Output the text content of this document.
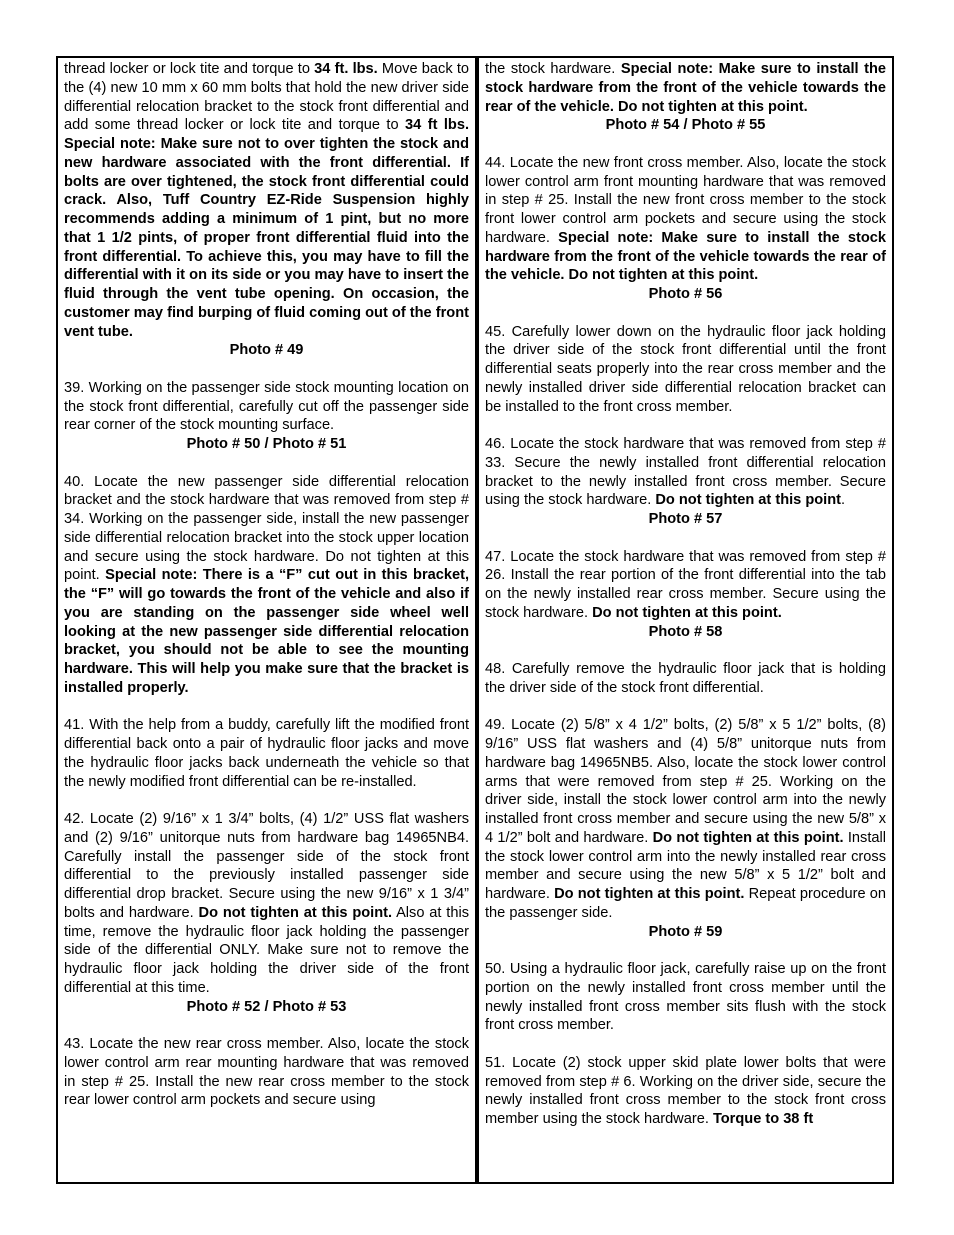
thread locker or lock tite and torque to 34 ft. lbs. Move back to the (4) new 10 mm x 60 mm bolts that hold the new driver side differential relocation bracket to the stock front differential and add some thread locker or lock tite and torque to 34 ft lbs. Special note: Make sure not to over tighten the stock and new hardware associated with the front differential. If bolts are over tightened, the stock front differential could crack. Also, Tuff Country EZ-Ride Suspension highly recommends adding a minimum of 1 pint, but no more that 1 1/2 pints, of proper front differential fluid into the front differential. To achieve this, you may have to fill the differential with it on its side or you may have to insert the fluid through the vent tube opening. On occasion, the customer may find burping of fluid coming out of the front vent tube.

Photo # 49

39. Working on the passenger side stock mounting location on the stock front differential, carefully cut off the passenger side rear corner of the stock mounting surface.

Photo # 50 / Photo # 51

40. Locate the new passenger side differential relocation bracket and the stock hardware that was removed from step # 34. Working on the passenger side, install the new passenger side differential relocation bracket into the stock upper location and secure using the stock hardware. Do not tighten at this point. Special note: There is a “F” cut out in this bracket, the “F” will go towards the front of the vehicle and also if you are standing on the passenger side wheel well looking at the new passenger side differential relocation bracket, you should not be able to see the mounting hardware. This will help you make sure that the bracket is installed properly.

41. With the help from a buddy, carefully lift the modified front differential back onto a pair of hydraulic floor jacks and move the hydraulic floor jacks back underneath the vehicle so that the newly modified front differential can be re-installed.

42. Locate (2) 9/16” x 1 3/4” bolts, (4) 1/2” USS flat washers and (2) 9/16” unitorque nuts from hardware bag 14965NB4. Carefully install the passenger side of the stock front differential to the previously installed passenger side differential drop bracket. Secure using the new 9/16” x 1 3/4” bolts and hardware. Do not tighten at this point. Also at this time, remove the hydraulic floor jack holding the passenger side of the differential ONLY. Make sure not to remove the hydraulic floor jack holding the driver side of the front differential at this time.

Photo # 52 / Photo # 53

43. Locate the new rear cross member. Also, locate the stock lower control arm rear mounting hardware that was removed in step # 25. Install the new rear cross member to the stock rear lower control arm pockets and secure using

the stock hardware. Special note: Make sure to install the stock hardware from the front of the vehicle towards the rear of the vehicle. Do not tighten at this point.

Photo # 54 / Photo # 55

44. Locate the new front cross member. Also, locate the stock lower control arm front mounting hardware that was removed in step # 25. Install the new front cross member to the stock front lower control arm pockets and secure using the stock hardware. Special note: Make sure to install the stock hardware from the front of the vehicle towards the rear of the vehicle. Do not tighten at this point.

Photo # 56

45. Carefully lower down on the hydraulic floor jack holding the driver side of the stock front differential until the front differential seats properly into the rear cross member and the newly installed driver side differential relocation bracket can be installed to the front cross member.

46. Locate the stock hardware that was removed from step # 33. Secure the newly installed front differential relocation bracket to the newly installed front cross member. Secure using the stock hardware. Do not tighten at this point.

Photo # 57

47. Locate the stock hardware that was removed from step # 26. Install the rear portion of the front differential into the tab on the newly installed rear cross member. Secure using the stock hardware. Do not tighten at this point.

Photo # 58

48. Carefully remove the hydraulic floor jack that is holding the driver side of the stock front differential.

49. Locate (2) 5/8” x 4 1/2” bolts, (2) 5/8” x 5 1/2” bolts, (8) 9/16” USS flat washers and (4) 5/8” unitorque nuts from hardware bag 14965NB5. Also, locate the stock lower control arms that were removed from step # 25. Working on the driver side, install the stock lower control arm into the newly installed front cross member and secure using the new 5/8” x 4 1/2” bolt and hardware. Do not tighten at this point. Install the stock lower control arm into the newly installed rear cross member and secure using the new 5/8” x 5 1/2” bolt and hardware. Do not tighten at this point. Repeat procedure on the passenger side.

Photo # 59

50. Using a hydraulic floor jack, carefully raise up on the front portion on the newly installed front cross member until the newly installed front cross member sits flush with the stock front cross member.

51. Locate (2) stock upper skid plate lower bolts that were removed from step # 6. Working on the driver side, secure the newly installed front cross member to the stock front cross member using the stock hardware. Torque to 38 ft
